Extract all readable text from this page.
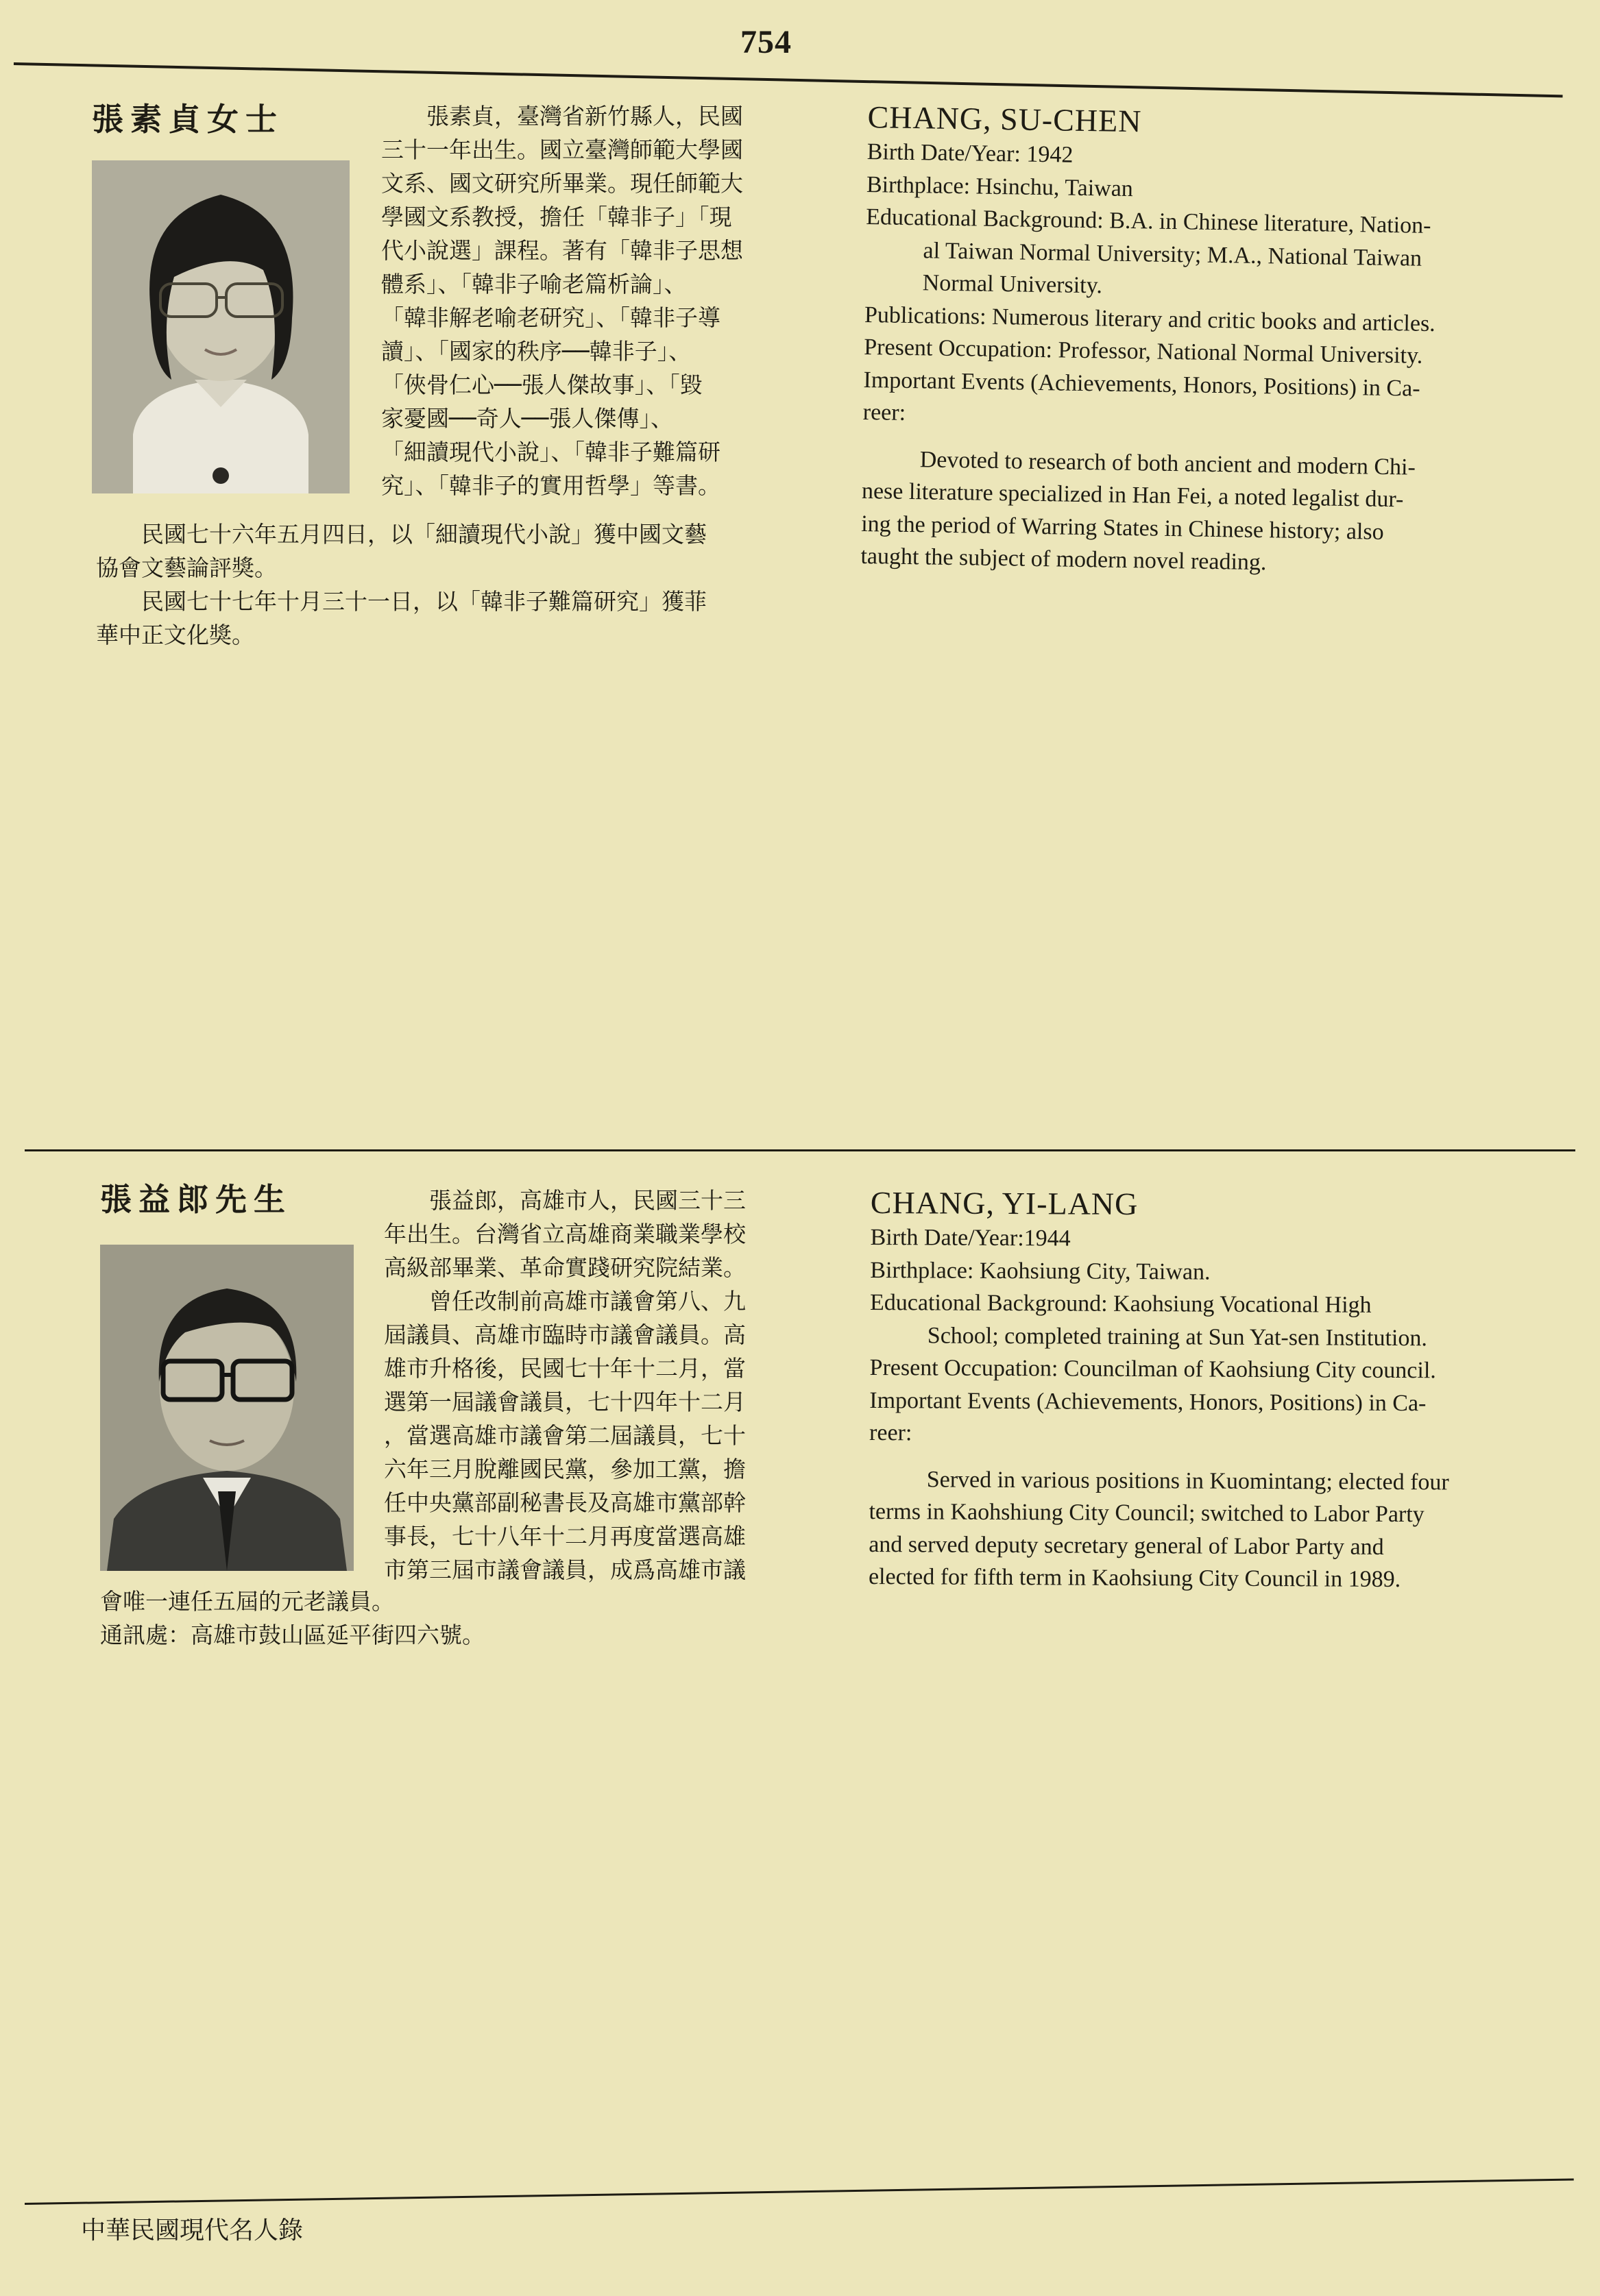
754
張素貞女士	張素貞，臺灣省新竹縣人，民國
三十一年出生。國立臺灣師範大學國
文系、國文研究所畢業。現任師範大
學國文系教授，擔任「韓非子」「現
代小說選」課程。著有「韓非子思想
體系」、「韓非子喻老篇析論」、
「韓非解老喻老研究」、「韓非子導
讀」、「國家的秩序──韓非子」、
「俠骨仁心──張人傑故事」、「毀
家憂國──奇人──張人傑傳」、
「細讀現代小說」、「韓非子難篇研
究」、「韓非子的實用哲學」等書。
民國七十六年五月四日，以「細讀現代小說」獲中國文藝
協會文藝論評獎。
民國七十七年十月三十一日，以「韓非子難篇研究」獲菲
華中正文化獎。
CHANG, SU-CHEN
Birth Date/Year: 1942
Birthplace: Hsinchu, Taiwan
Educational Background: B.A. in Chinese literature, Nation-
al Taiwan Normal University; M.A., National Taiwan
Normal University.
Publications: Numerous literary and critic books and articles.
Present Occupation: Professor, National Normal University.
Important Events (Achievements, Honors, Positions) in Ca-
reer:
Devoted to research of both ancient and modern Chi-
nese literature specialized in Han Fei, a noted legalist dur-
ing the period of Warring States in Chinese history; also
taught the subject of modern novel reading.
張益郎先生	張益郎，高雄市人，民國三十三
年出生。台灣省立高雄商業職業學校
高級部畢業、革命實踐研究院結業。
曾任改制前高雄市議會第八、九
屆議員、高雄市臨時市議會議員。高
雄市升格後，民國七十年十二月，當
選第一屆議會議員，七十四年十二月
，當選高雄市議會第二屆議員，七十
六年三月脫離國民黨，參加工黨，擔
任中央黨部副秘書長及高雄市黨部幹
事長，七十八年十二月再度當選高雄
市第三屆市議會議員，成爲高雄市議
會唯一連任五屆的元老議員。
通訊處：高雄市鼓山區延平街四六號。
CHANG, YI-LANG
Birth Date/Year:1944
Birthplace: Kaohsiung City, Taiwan.
Educational Background: Kaohsiung Vocational High
School; completed training at Sun Yat-sen Institution.
Present Occupation: Councilman of Kaohsiung City council.
Important Events (Achievements, Honors, Positions) in Ca-
reer:
Served in various positions in Kuomintang; elected four
terms in Kaohshiung City Council; switched to Labor Party
and served deputy secretary general of Labor Party and
elected for fifth term in Kaohsiung City Council in 1989.
中華民國現代名人錄
